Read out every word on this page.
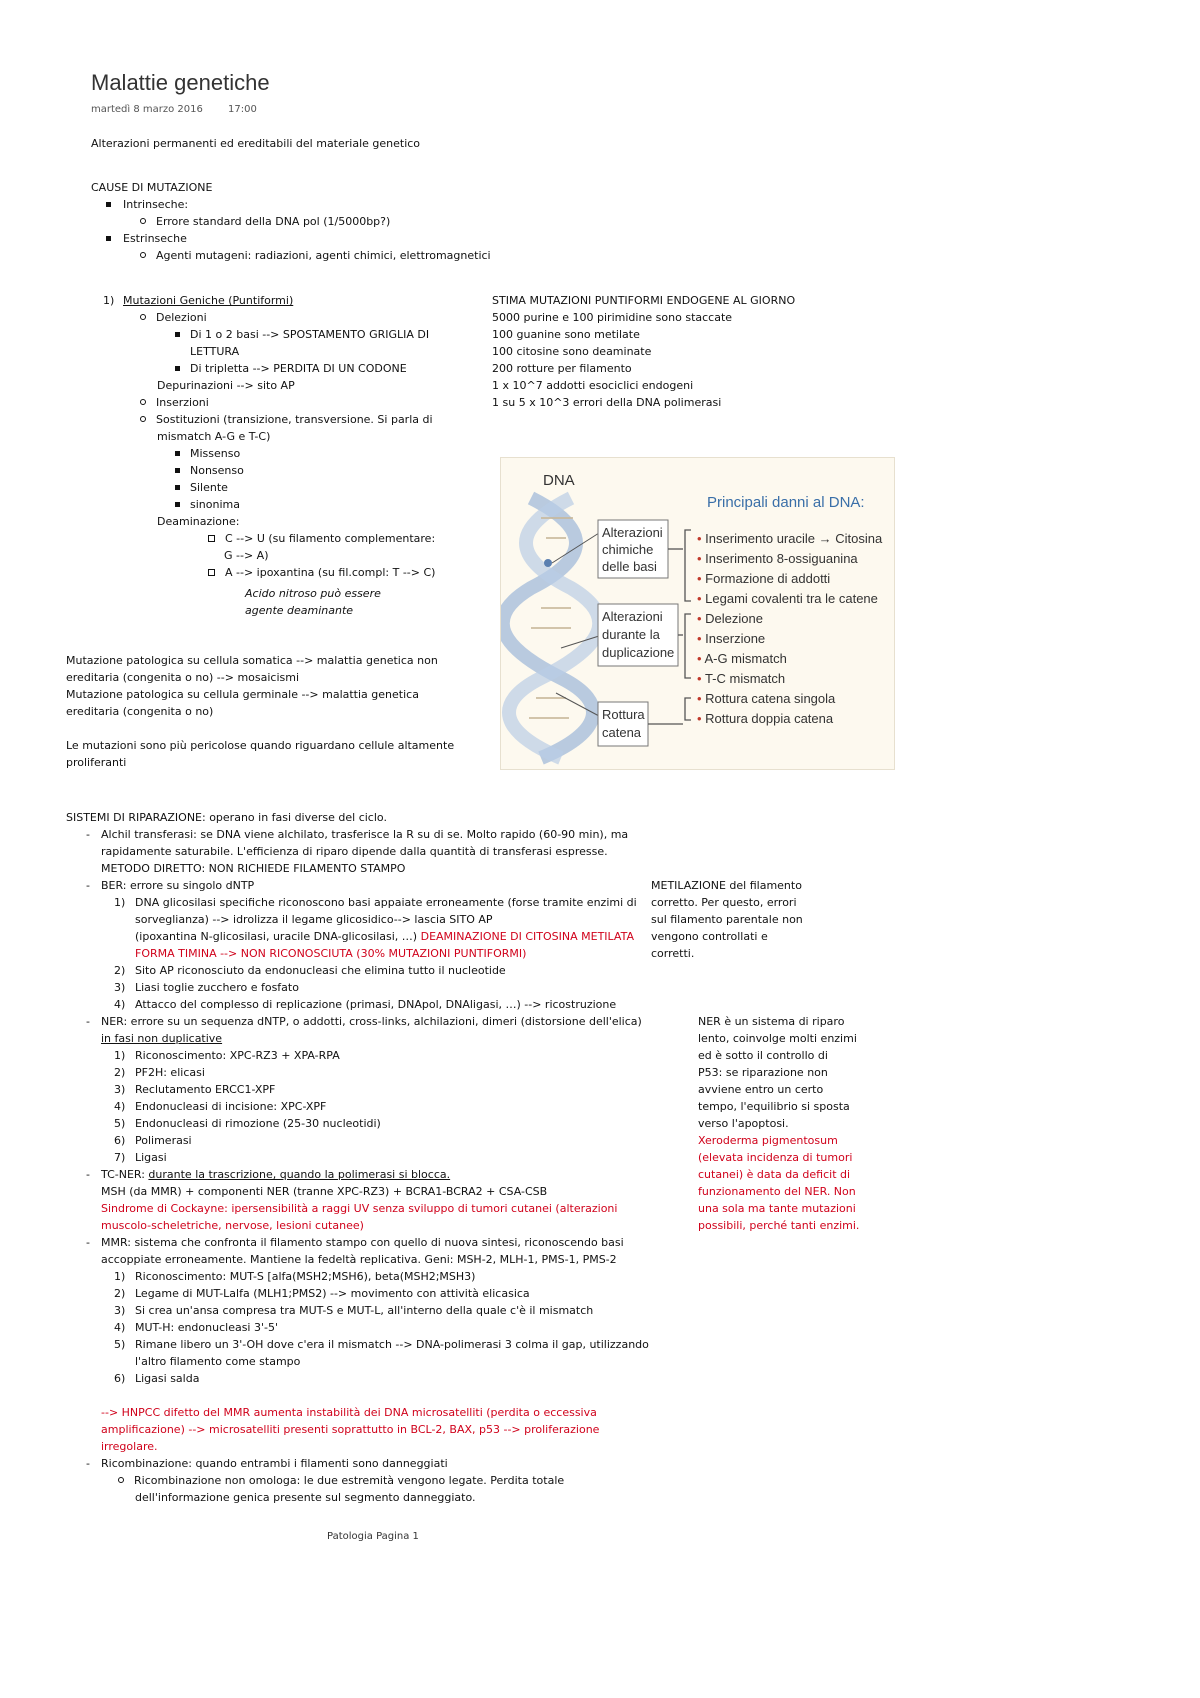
Malattie genetiche
martedì 8 marzo 2016	17:00
Alterazioni permanenti ed ereditabili del materiale genetico
CAUSE DI MUTAZIONE
Intrinseche:
Errore standard della DNA pol (1/5000bp?)
Estrinseche
Agenti mutageni: radiazioni, agenti chimici, elettromagnetici
1) Mutazioni Geniche (Puntiformi)
Delezioni
Di 1 o 2 basi --> SPOSTAMENTO GRIGLIA DI
LETTURA
Di tripletta --> PERDITA DI UN CODONE
Depurinazioni --> sito AP
Inserzioni
Sostituzioni (transizione, transversione. Si parla di
mismatch A-G e T-C)
Missenso
Nonsenso
Silente
sinonima
Deaminazione:
C --> U (su filamento complementare:
G --> A)
A --> ipoxantina (su fil.compl: T --> C)
Acido nitroso può essere
agente deaminante
STIMA MUTAZIONI PUNTIFORMI ENDOGENE AL GIORNO
5000 purine e 100 pirimidine sono staccate
100 guanine sono metilate
100 citosine sono deaminate
200 rotture per filamento
1 x 10^7 addotti esociclici endogeni
1 su 5 x 10^3 errori della DNA polimerasi
DNA
Principali danni al DNA:
Alterazioni
chimiche
delle basi
Alterazioni
durante la
duplicazione
Rottura
catena
• Inserimento uracile → Citosina
• Inserimento 8-ossiguanina
• Formazione di addotti
• Legami covalenti tra le catene
• Delezione
• Inserzione
• A-G mismatch
• T-C mismatch
• Rottura catena singola
• Rottura doppia catena
Mutazione patologica su cellula somatica --> malattia genetica non
ereditaria (congenita o no) --> mosaicismi
Mutazione patologica su cellula germinale --> malattia genetica
ereditaria (congenita o no)
Le mutazioni sono più pericolose quando riguardano cellule altamente
proliferanti
SISTEMI DI RIPARAZIONE: operano in fasi diverse del ciclo.
- Alchil transferasi: se DNA viene alchilato, trasferisce la R su di se. Molto rapido (60-90 min), ma
rapidamente saturabile. L'efficienza di riparo dipende dalla quantità di transferasi espresse.
METODO DIRETTO: NON RICHIEDE FILAMENTO STAMPO
- BER: errore su singolo dNTP
1) DNA glicosilasi specifiche riconoscono basi appaiate erroneamente (forse tramite enzimi di
sorveglianza) --> idrolizza il legame glicosidico--> lascia SITO AP
(ipoxantina N-glicosilasi, uracile DNA-glicosilasi, …) DEAMINAZIONE DI CITOSINA METILATA
FORMA TIMINA --> NON RICONOSCIUTA (30% MUTAZIONI PUNTIFORMI)
2) Sito AP riconosciuto da endonucleasi che elimina tutto il nucleotide
3) Liasi toglie zucchero e fosfato
4) Attacco del complesso di replicazione (primasi, DNApol, DNAligasi, …) --> ricostruzione
- NER: errore su un sequenza dNTP, o addotti, cross-links, alchilazioni, dimeri (distorsione dell'elica)
in fasi non duplicative
1) Riconoscimento: XPC-RZ3 + XPA-RPA
2) PF2H: elicasi
3) Reclutamento ERCC1-XPF
4) Endonucleasi di incisione: XPC-XPF
5) Endonucleasi di rimozione (25-30 nucleotidi)
6) Polimerasi
7) Ligasi
- TC-NER: durante la trascrizione, quando la polimerasi si blocca.
MSH (da MMR) + componenti NER (tranne XPC-RZ3) + BCRA1-BCRA2 + CSA-CSB
Sindrome di Cockayne: ipersensibilità a raggi UV senza sviluppo di tumori cutanei (alterazioni
muscolo-scheletriche, nervose, lesioni cutanee)
- MMR: sistema che confronta il filamento stampo con quello di nuova sintesi, riconoscendo basi
accoppiate erroneamente. Mantiene la fedeltà replicativa. Geni: MSH-2, MLH-1, PMS-1, PMS-2
1) Riconoscimento: MUT-S [alfa(MSH2;MSH6), beta(MSH2;MSH3)
2) Legame di MUT-Lalfa (MLH1;PMS2) --> movimento con attività elicasica
3) Si crea un'ansa compresa tra MUT-S e MUT-L, all'interno della quale c'è il mismatch
4) MUT-H: endonucleasi 3'-5'
5) Rimane libero un 3'-OH dove c'era il mismatch --> DNA-polimerasi 3 colma il gap, utilizzando
l'altro filamento come stampo
6) Ligasi salda
--> HNPCC difetto del MMR aumenta instabilità dei DNA microsatelliti (perdita o eccessiva
amplificazione) --> microsatelliti presenti soprattutto in BCL-2, BAX, p53 --> proliferazione
irregolare.
- Ricombinazione: quando entrambi i filamenti sono danneggiati
Ricombinazione non omologa: le due estremità vengono legate. Perdita totale
dell'informazione genica presente sul segmento danneggiato.
METILAZIONE del filamento
corretto. Per questo, errori
sul filamento parentale non
vengono controllati e
corretti.
NER è un sistema di riparo
lento, coinvolge molti enzimi
ed è sotto il controllo di
P53: se riparazione non
avviene entro un certo
tempo, l'equilibrio si sposta
verso l'apoptosi.
Xeroderma pigmentosum
(elevata incidenza di tumori
cutanei) è data da deficit di
funzionamento del NER. Non
una sola ma tante mutazioni
possibili, perché tanti enzimi.
Patologia Pagina 1
